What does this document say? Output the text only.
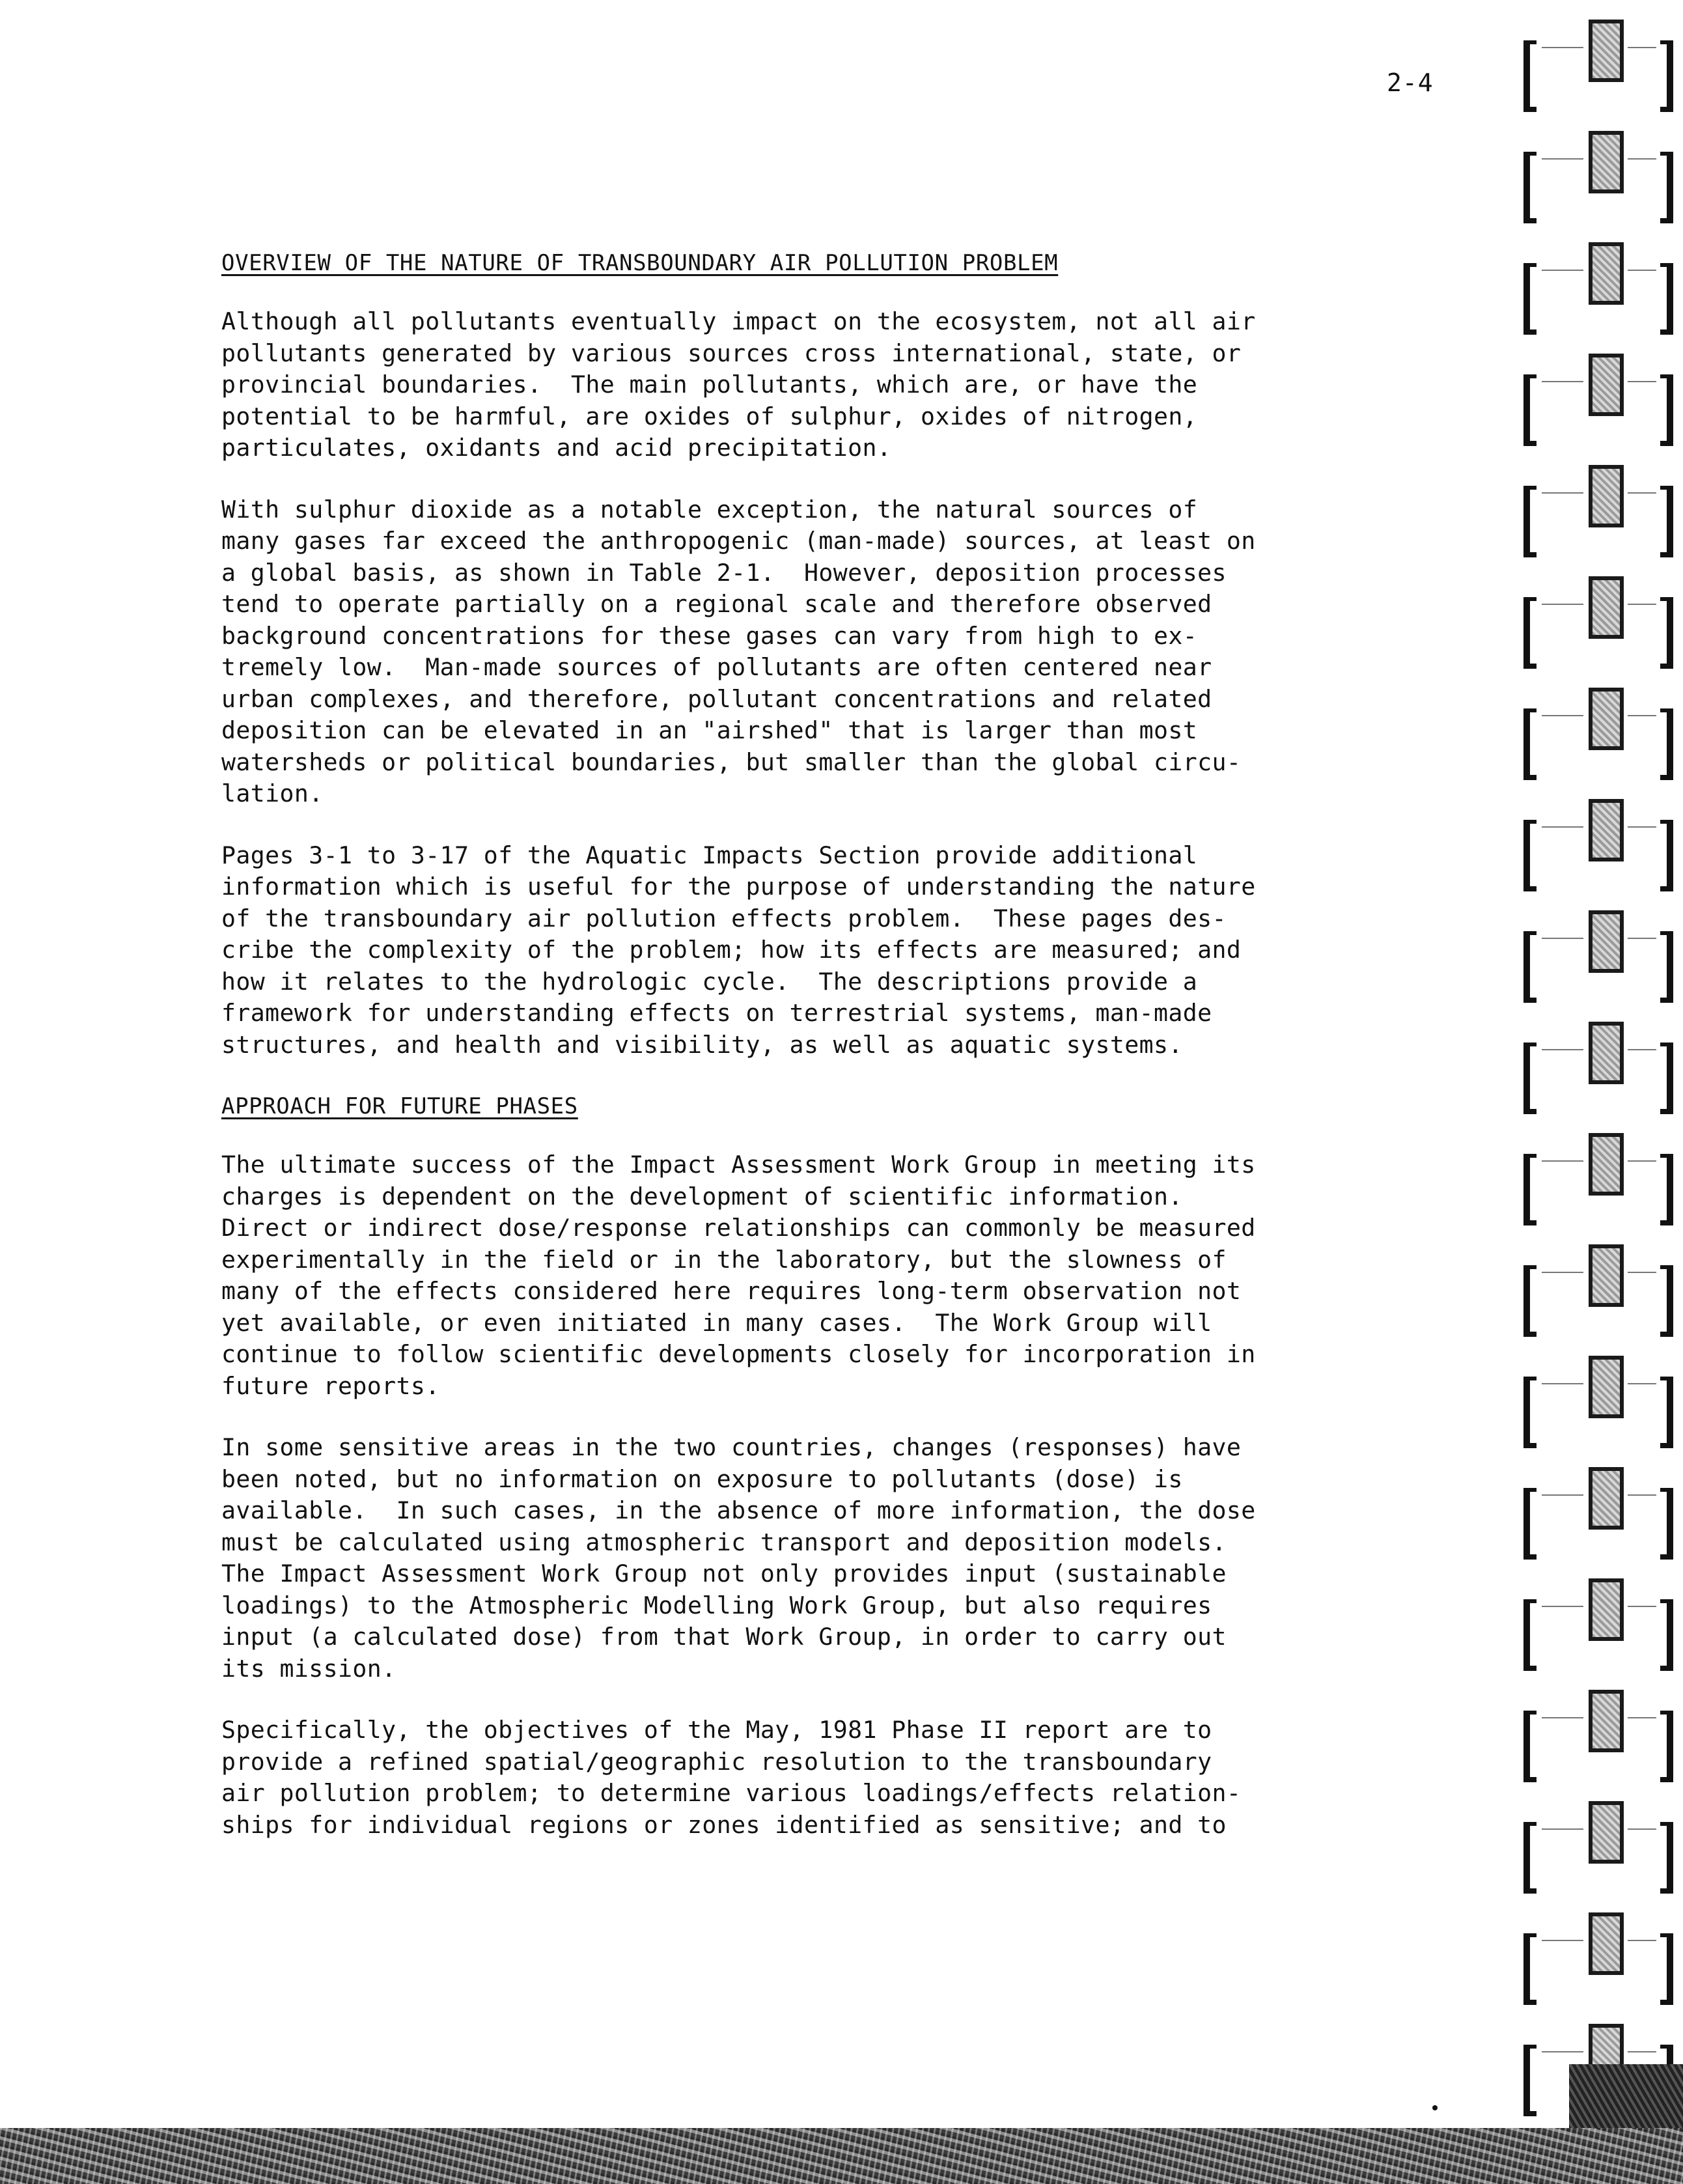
2-4

OVERVIEW OF THE NATURE OF TRANSBOUNDARY AIR POLLUTION PROBLEM

Although all pollutants eventually impact on the ecosystem, not all air
pollutants generated by various sources cross international, state, or
provincial boundaries.  The main pollutants, which are, or have the
potential to be harmful, are oxides of sulphur, oxides of nitrogen,
particulates, oxidants and acid precipitation.

With sulphur dioxide as a notable exception, the natural sources of
many gases far exceed the anthropogenic (man-made) sources, at least on
a global basis, as shown in Table 2-1.  However, deposition processes
tend to operate partially on a regional scale and therefore observed
background concentrations for these gases can vary from high to ex-
tremely low.  Man-made sources of pollutants are often centered near
urban complexes, and therefore, pollutant concentrations and related
deposition can be elevated in an "airshed" that is larger than most
watersheds or political boundaries, but smaller than the global circu-
lation.

Pages 3-1 to 3-17 of the Aquatic Impacts Section provide additional
information which is useful for the purpose of understanding the nature
of the transboundary air pollution effects problem.  These pages des-
cribe the complexity of the problem; how its effects are measured; and
how it relates to the hydrologic cycle.  The descriptions provide a
framework for understanding effects on terrestrial systems, man-made
structures, and health and visibility, as well as aquatic systems.

APPROACH FOR FUTURE PHASES

The ultimate success of the Impact Assessment Work Group in meeting its
charges is dependent on the development of scientific information.
Direct or indirect dose/response relationships can commonly be measured
experimentally in the field or in the laboratory, but the slowness of
many of the effects considered here requires long-term observation not
yet available, or even initiated in many cases.  The Work Group will
continue to follow scientific developments closely for incorporation in
future reports.

In some sensitive areas in the two countries, changes (responses) have
been noted, but no information on exposure to pollutants (dose) is
available.  In such cases, in the absence of more information, the dose
must be calculated using atmospheric transport and deposition models.
The Impact Assessment Work Group not only provides input (sustainable
loadings) to the Atmospheric Modelling Work Group, but also requires
input (a calculated dose) from that Work Group, in order to carry out
its mission.

Specifically, the objectives of the May, 1981 Phase II report are to
provide a refined spatial/geographic resolution to the transboundary
air pollution problem; to determine various loadings/effects relation-
ships for individual regions or zones identified as sensitive; and to
